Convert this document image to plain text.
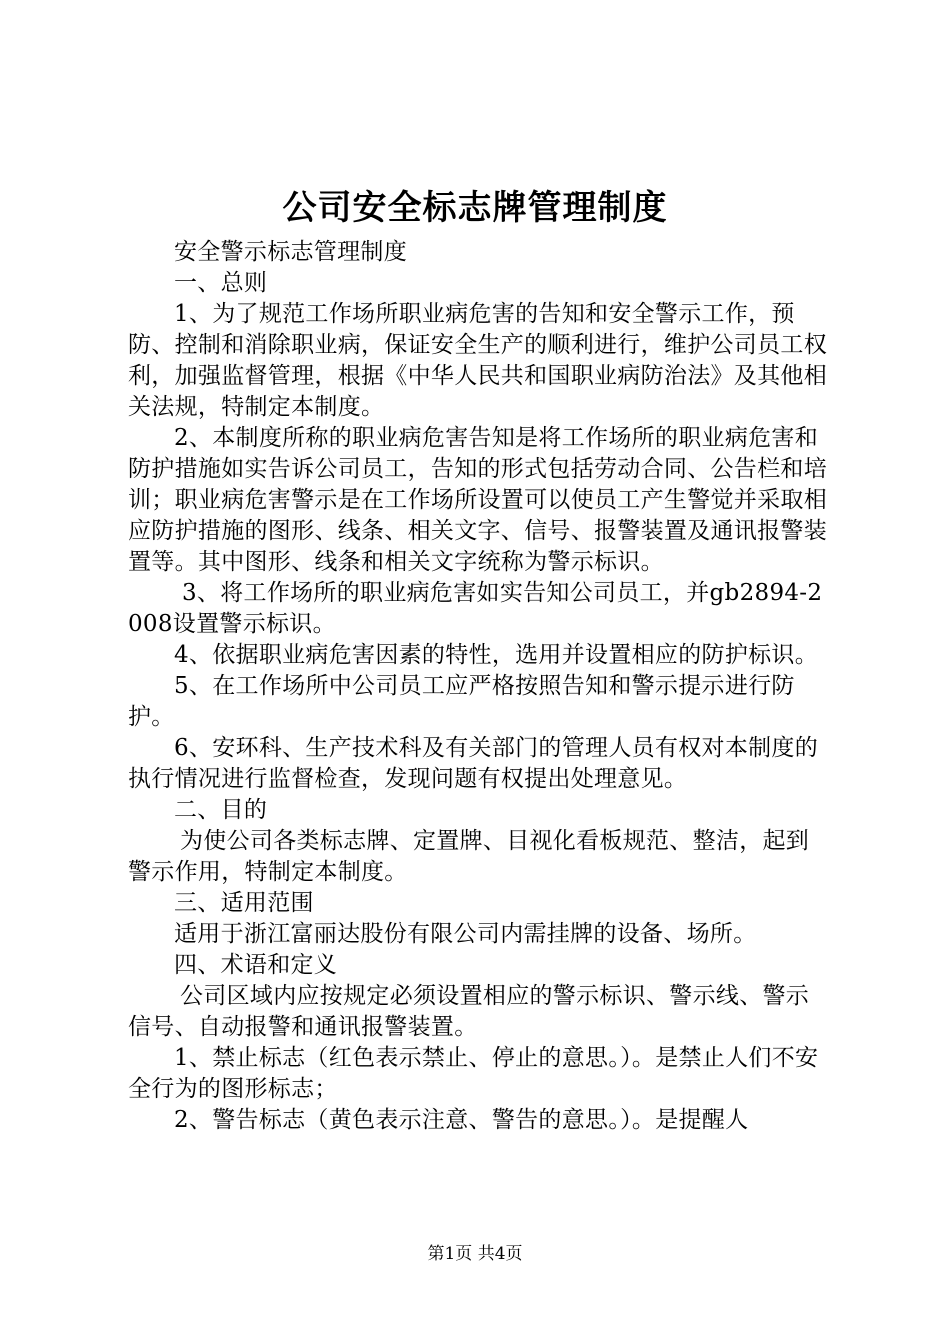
公司安全标志牌管理制度

安全警示标志管理制度

一、总则

1、为了规范工作场所职业病危害的告知和安全警示工作，预防、控制和消除职业病，保证安全生产的顺利进行，维护公司员工权利，加强监督管理，根据《中华人民共和国职业病防治法》及其他相关法规，特制定本制度。

2、本制度所称的职业病危害告知是将工作场所的职业病危害和防护措施如实告诉公司员工，告知的形式包括劳动合同、公告栏和培训；职业病危害警示是在工作场所设置可以使员工产生警觉并采取相应防护措施的图形、线条、相关文字、信号、报警装置及通讯报警装置等。其中图形、线条和相关文字统称为警示标识。

3、将工作场所的职业病危害如实告知公司员工，并gb2894-2008设置警示标识。

4、依据职业病危害因素的特性，选用并设置相应的防护标识。

5、在工作场所中公司员工应严格按照告知和警示提示进行防护。

6、安环科、生产技术科及有关部门的管理人员有权对本制度的执行情况进行监督检查，发现问题有权提出处理意见。

二、目的

为使公司各类标志牌、定置牌、目视化看板规范、整洁，起到警示作用，特制定本制度。

三、适用范围

适用于浙江富丽达股份有限公司内需挂牌的设备、场所。

四、术语和定义

公司区域内应按规定必须设置相应的警示标识、警示线、警示信号、自动报警和通讯报警装置。

1、禁止标志（红色表示禁止、停止的意思。）。是禁止人们不安全行为的图形标志；

2、警告标志（黄色表示注意、警告的意思。）。是提醒人

第1页 共4页
